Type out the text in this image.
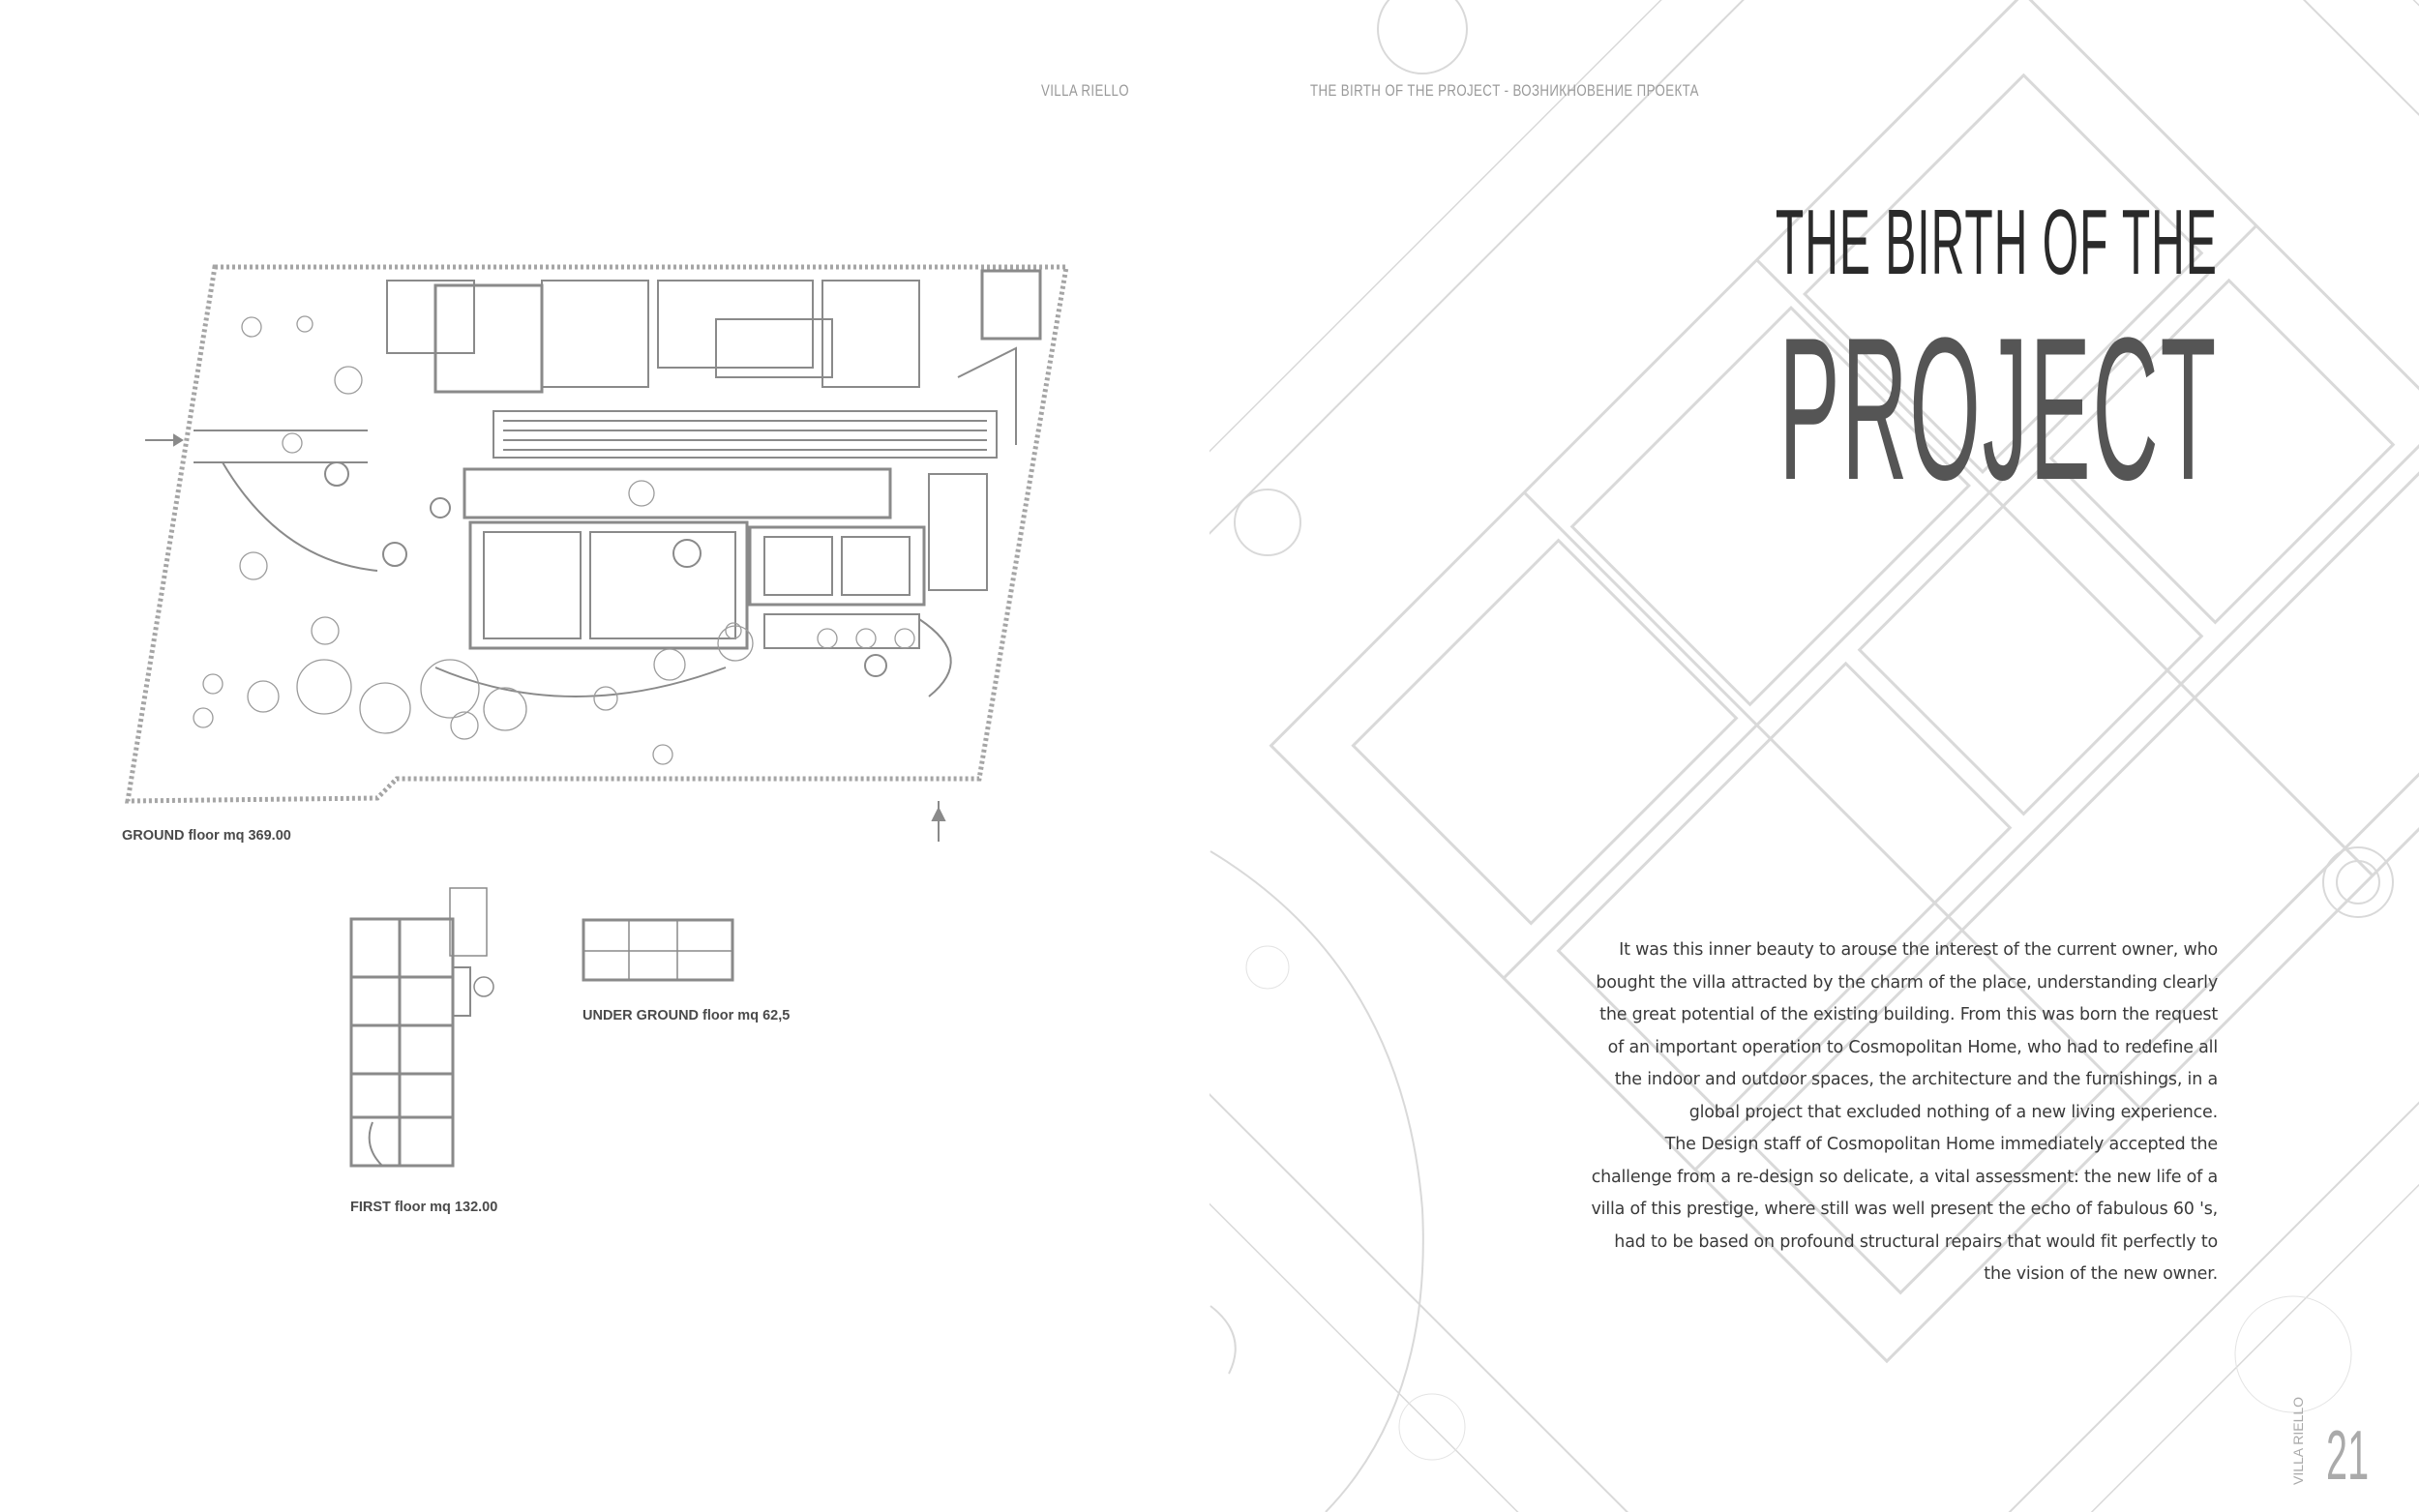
VILLA RIELLO
GROUND floor mq 369.00
FIRST floor mq 132.00
UNDER GROUND floor mq 62,5
THE BIRTH OF THE PROJECT - ВОЗНИКНОВЕНИЕ ПРОЕКТА
THE BIRTH OF THE
PROJECT

It was this inner beauty to arouse the interest of the current owner, who bought the villa attracted by the charm of the place, understanding clearly the great potential of the existing building. From this was born the request of an important operation to Cosmopolitan Home, who had to redefine all the indoor and outdoor spaces, the architecture and the furnishings, in a global project that excluded nothing of a new living experience.

The Design staff of Cosmopolitan Home immediately accepted the challenge from a re-design so delicate, a vital assessment: the new life of a villa of this prestige, where still was well present the echo of fabulous 60 's, had to be based on profound structural repairs that would fit perfectly to the vision of the new owner.

21
VILLA RIELLO
